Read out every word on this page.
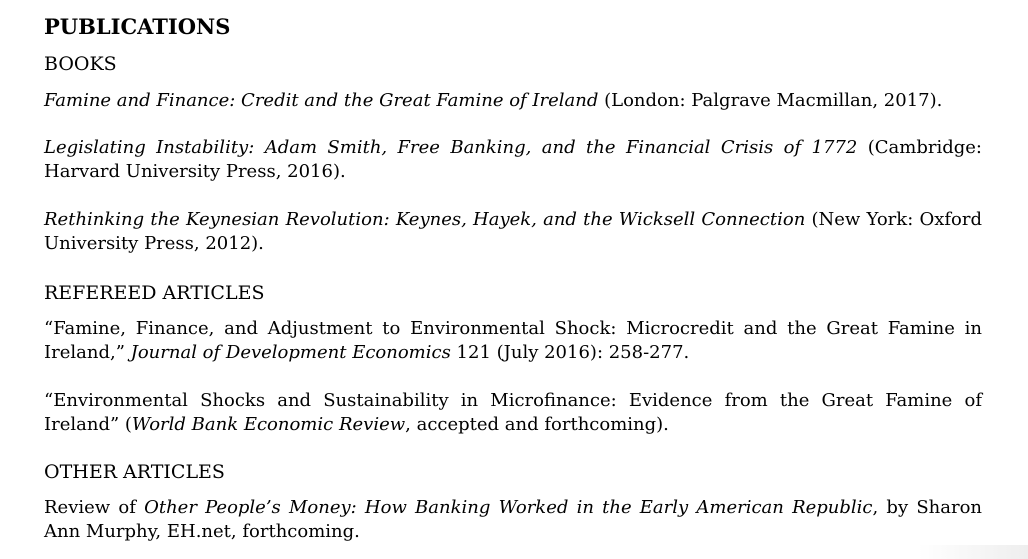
PUBLICATIONS
BOOKS
Famine and Finance: Credit and the Great Famine of Ireland (London: Palgrave Macmillan, 2017).
Legislating Instability: Adam Smith, Free Banking, and the Financial Crisis of 1772 (Cambridge: Harvard University Press, 2016).
Rethinking the Keynesian Revolution: Keynes, Hayek, and the Wicksell Connection (New York: Oxford University Press, 2012).
REFEREED ARTICLES
“Famine, Finance, and Adjustment to Environmental Shock: Microcredit and the Great Famine in Ireland,” Journal of Development Economics 121 (July 2016): 258-277.
“Environmental Shocks and Sustainability in Microfinance: Evidence from the Great Famine of Ireland” (World Bank Economic Review, accepted and forthcoming).
OTHER ARTICLES
Review of Other People’s Money: How Banking Worked in the Early American Republic, by Sharon Ann Murphy, EH.net, forthcoming.
